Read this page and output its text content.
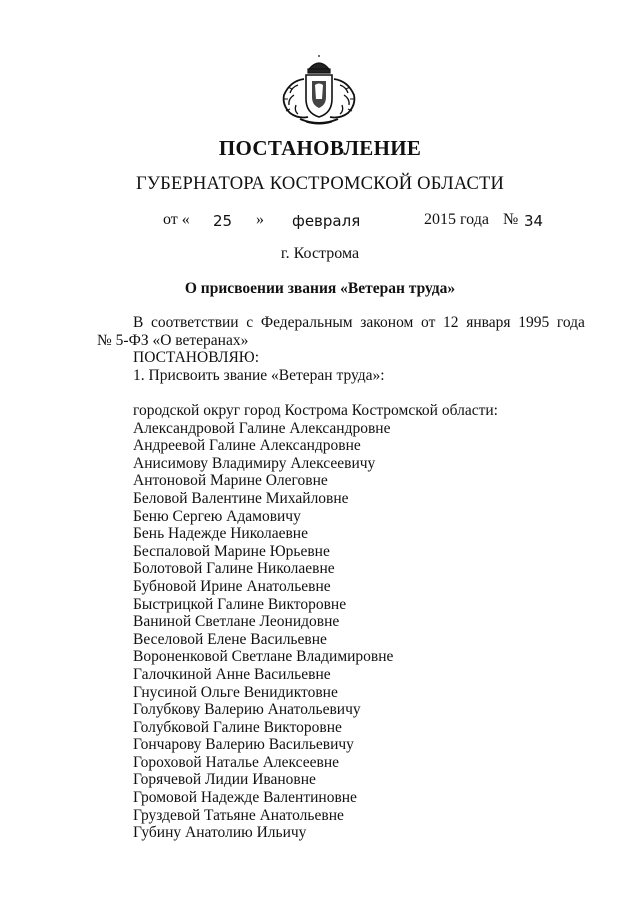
ПОСТАНОВЛЕНИЕ
ГУБЕРНАТОРА КОСТРОМСКОЙ ОБЛАСТИ
от « 25 » февраля	2015 года № 34
г. Кострома
О присвоении звания «Ветеран труда»
В соответствии с Федеральным законом от 12 января 1995 года
№ 5-ФЗ «О ветеранах»
ПОСТАНОВЛЯЮ:
1. Присвоить звание «Ветеран труда»:
городской округ город Кострома Костромской области:
Александровой Галине Александровне
Андреевой Галине Александровне
Анисимову Владимиру Алексеевичу
Антоновой Марине Олеговне
Беловой Валентине Михайловне
Беню Сергею Адамовичу
Бень Надежде Николаевне
Беспаловой Марине Юрьевне
Болотовой Галине Николаевне
Бубновой Ирине Анатольевне
Быстрицкой Галине Викторовне
Ваниной Светлане Леонидовне
Веселовой Елене Васильевне
Вороненковой Светлане Владимировне
Галочкиной Анне Васильевне
Гнусиной Ольге Венидиктовне
Голубкову Валерию Анатольевичу
Голубковой Галине Викторовне
Гончарову Валерию Васильевичу
Гороховой Наталье Алексеевне
Горячевой Лидии Ивановне
Громовой Надежде Валентиновне
Груздевой Татьяне Анатольевне
Губину Анатолию Ильичу
